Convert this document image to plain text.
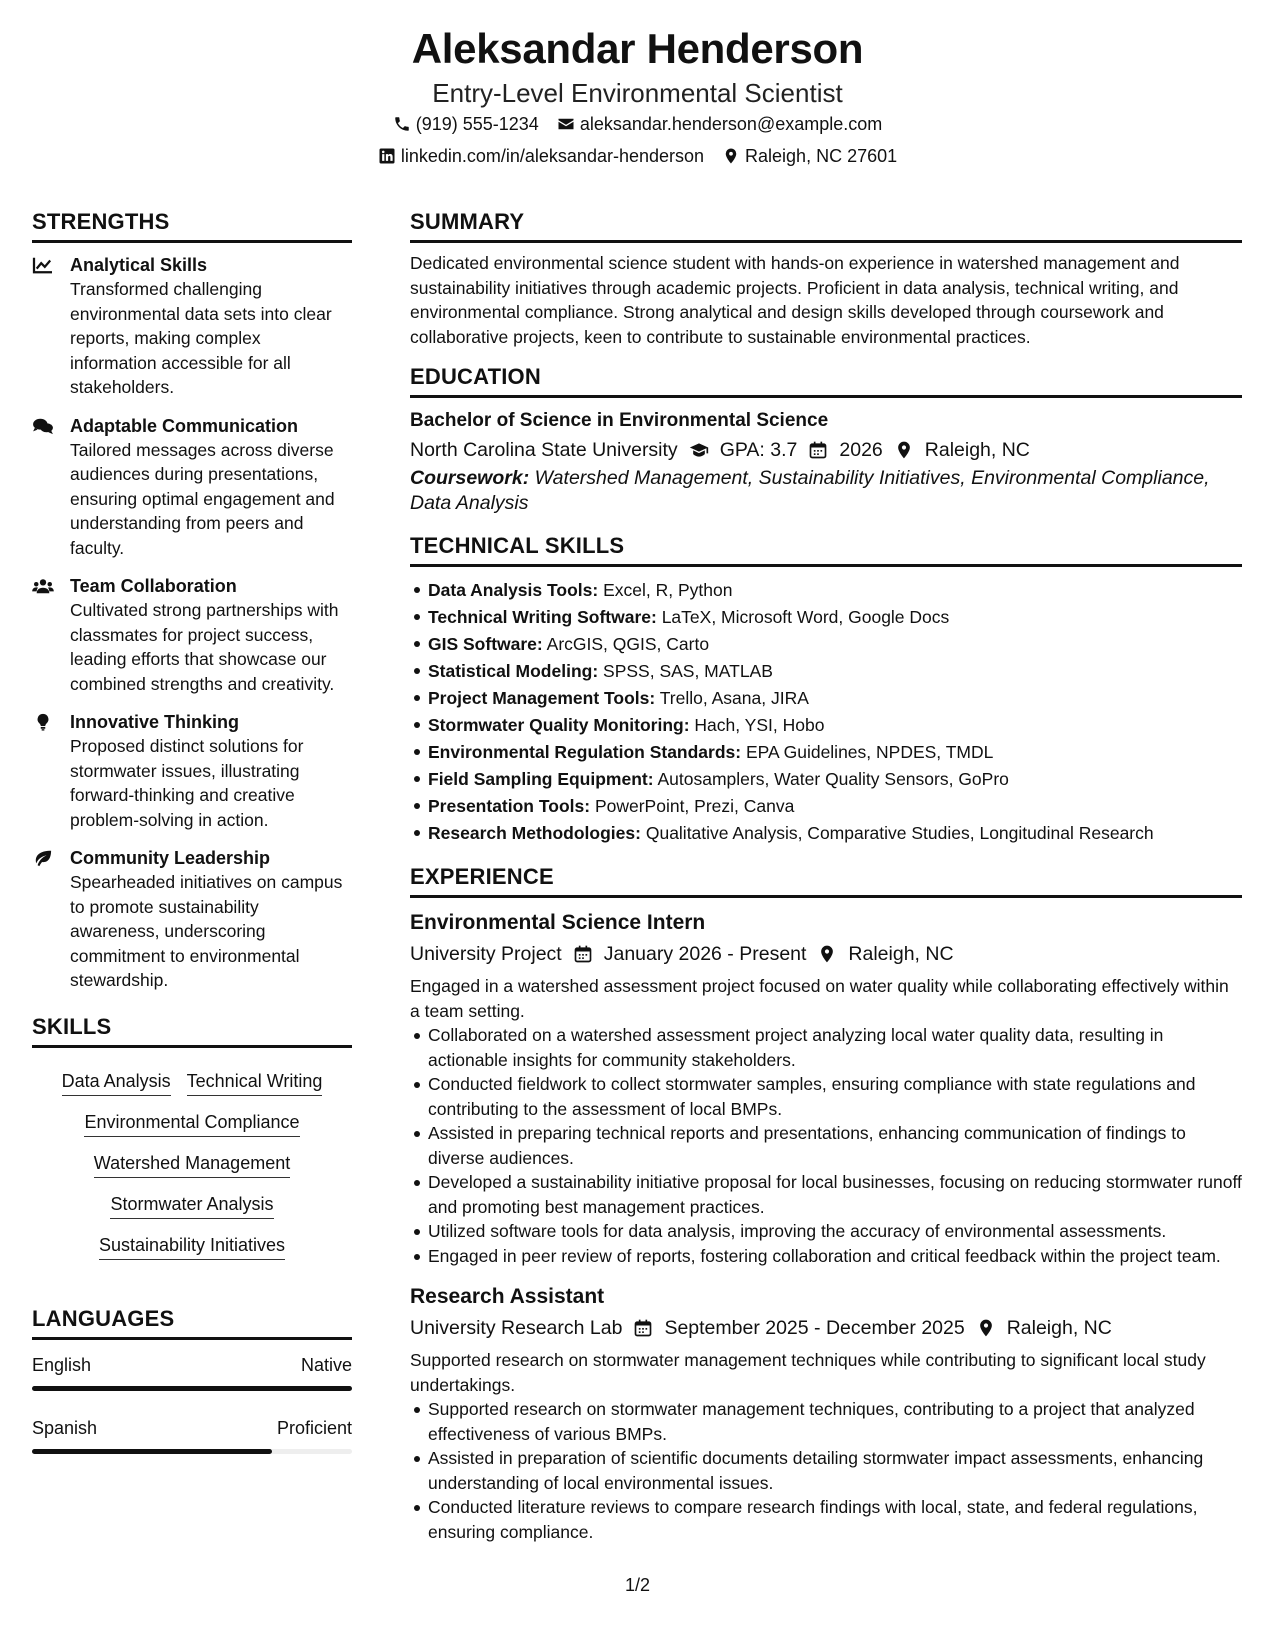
Aleksandar Henderson
Entry-Level Environmental Scientist
(919) 555-1234 aleksandar.henderson@example.com
linkedin.com/in/aleksandar-henderson Raleigh, NC 27601
STRENGTHS
Analytical Skills
Transformed challenging environmental data sets into clear reports, making complex information accessible for all stakeholders.
Adaptable Communication
Tailored messages across diverse audiences during presentations, ensuring optimal engagement and understanding from peers and faculty.
Team Collaboration
Cultivated strong partnerships with classmates for project success, leading efforts that showcase our combined strengths and creativity.
Innovative Thinking
Proposed distinct solutions for stormwater issues, illustrating forward-thinking and creative problem-solving in action.
Community Leadership
Spearheaded initiatives on campus to promote sustainability awareness, underscoring commitment to environmental stewardship.
SKILLS
Data Analysis Technical Writing
Environmental Compliance
Watershed Management
Stormwater Analysis
Sustainability Initiatives
LANGUAGES
English	Native
Spanish	Proficient
SUMMARY
Dedicated environmental science student with hands-on experience in watershed management and sustainability initiatives through academic projects. Proficient in data analysis, technical writing, and environmental compliance. Strong analytical and design skills developed through coursework and collaborative projects, keen to contribute to sustainable environmental practices.
EDUCATION
Bachelor of Science in Environmental Science
North Carolina State University GPA: 3.7 2026 Raleigh, NC
Coursework: Watershed Management, Sustainability Initiatives, Environmental Compliance, Data Analysis
TECHNICAL SKILLS
Data Analysis Tools: Excel, R, Python
Technical Writing Software: LaTeX, Microsoft Word, Google Docs
GIS Software: ArcGIS, QGIS, Carto
Statistical Modeling: SPSS, SAS, MATLAB
Project Management Tools: Trello, Asana, JIRA
Stormwater Quality Monitoring: Hach, YSI, Hobo
Environmental Regulation Standards: EPA Guidelines, NPDES, TMDL
Field Sampling Equipment: Autosamplers, Water Quality Sensors, GoPro
Presentation Tools: PowerPoint, Prezi, Canva
Research Methodologies: Qualitative Analysis, Comparative Studies, Longitudinal Research
EXPERIENCE
Environmental Science Intern
University Project January 2026 - Present Raleigh, NC
Engaged in a watershed assessment project focused on water quality while collaborating effectively within a team setting.
Collaborated on a watershed assessment project analyzing local water quality data, resulting in actionable insights for community stakeholders.
Conducted fieldwork to collect stormwater samples, ensuring compliance with state regulations and contributing to the assessment of local BMPs.
Assisted in preparing technical reports and presentations, enhancing communication of findings to diverse audiences.
Developed a sustainability initiative proposal for local businesses, focusing on reducing stormwater runoff and promoting best management practices.
Utilized software tools for data analysis, improving the accuracy of environmental assessments.
Engaged in peer review of reports, fostering collaboration and critical feedback within the project team.
Research Assistant
University Research Lab September 2025 - December 2025 Raleigh, NC
Supported research on stormwater management techniques while contributing to significant local study undertakings.
Supported research on stormwater management techniques, contributing to a project that analyzed effectiveness of various BMPs.
Assisted in preparation of scientific documents detailing stormwater impact assessments, enhancing understanding of local environmental issues.
Conducted literature reviews to compare research findings with local, state, and federal regulations, ensuring compliance.
1/2
